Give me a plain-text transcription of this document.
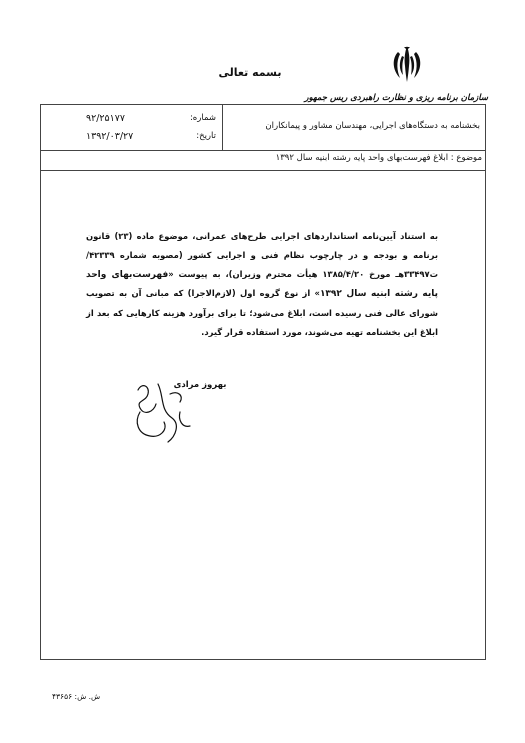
بسمه تعالی
سازمان برنامه ریزی و نظارت راهبردی ریس جمهور
بخشنامه به دستگاه‌های اجرایی، مهندسان مشاور و پیمانکاران
شماره:
۹۲/۲۵۱۷۷
تاریخ:
۱۳۹۲/۰۳/۲۷
موضوع : ابلاغ فهرست‌بهای واحد پایه رشته ابنیه سال ۱۳۹۲
به استناد آیین‌نامه استانداردهای اجرایی طرح‌های عمرانی، موضوع ماده (۲۳) قانون برنامه و بودجه و در چارچوب نظام فنی و اجرایی کشور (مصوبه شماره ۴۲۳۳۹/ت۳۳۴۹۷هـ مورخ ۱۳۸۵/۴/۲۰ هیأت محترم وزیران)، به پیوست «فهرست‌بهای واحد پایه رشته ابنیه سال ۱۳۹۲» از نوع گروه اول (لازم‌الاجرا) که مبانی آن به تصویب شورای عالی فنی رسیده است، ابلاغ می‌شود؛ تا برای برآورد هزینه کارهایی که بعد از ابلاغ این بخشنامه تهیه می‌شوند، مورد استفاده قرار گیرد.
بهروز مرادی
ش. ش: ۴۳۶۵۶
